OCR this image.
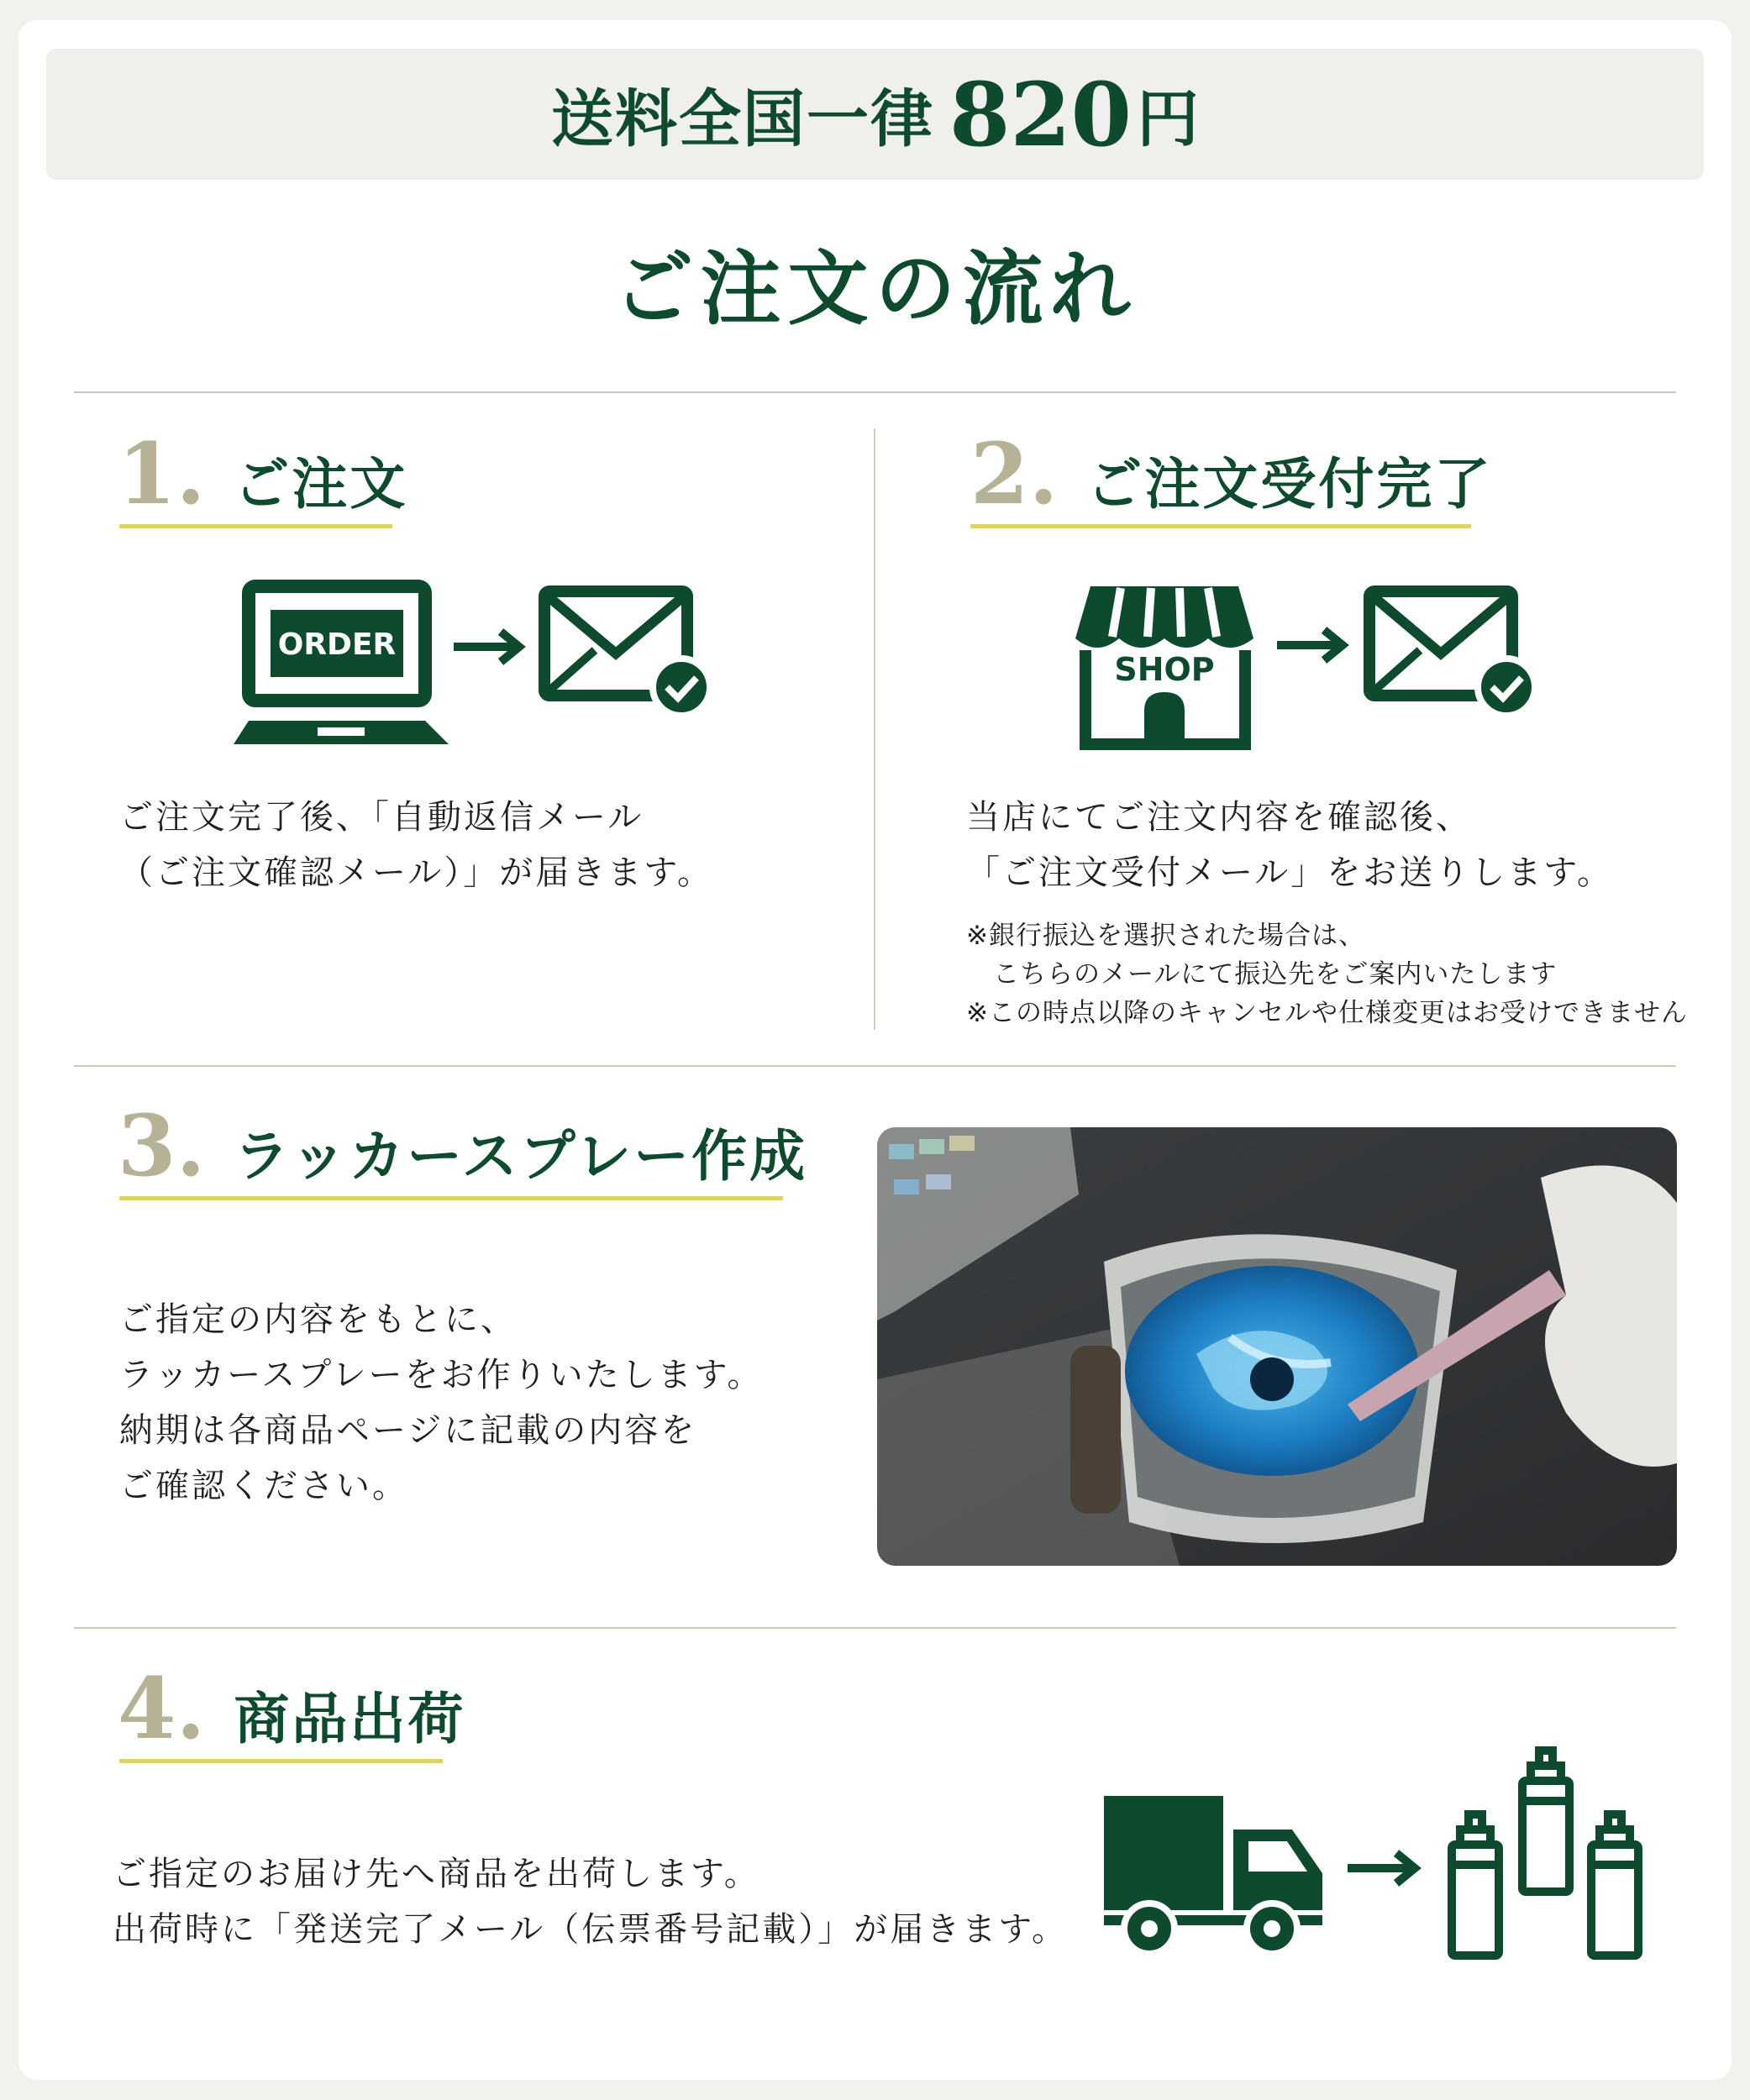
送料全国一律 820 円
ご注文の流れ
1. ご注文
ORDER
ご注文完了後、「自動返信メール
（ご注文確認メール）」が届きます。
2. ご注文受付完了
SHOP
当店にてご注文内容を確認後、
「ご注文受付メール」をお送りします。
※銀行振込を選択された場合は、
こちらのメールにて振込先をご案内いたします
※この時点以降のキャンセルや仕様変更はお受けできません
3. ラッカースプレー作成
ご指定の内容をもとに、
ラッカースプレーをお作りいたします。
納期は各商品ページに記載の内容を
ご確認ください。
4. 商品出荷
ご指定のお届け先へ商品を出荷します。
出荷時に「発送完了メール（伝票番号記載）」が届きます。
